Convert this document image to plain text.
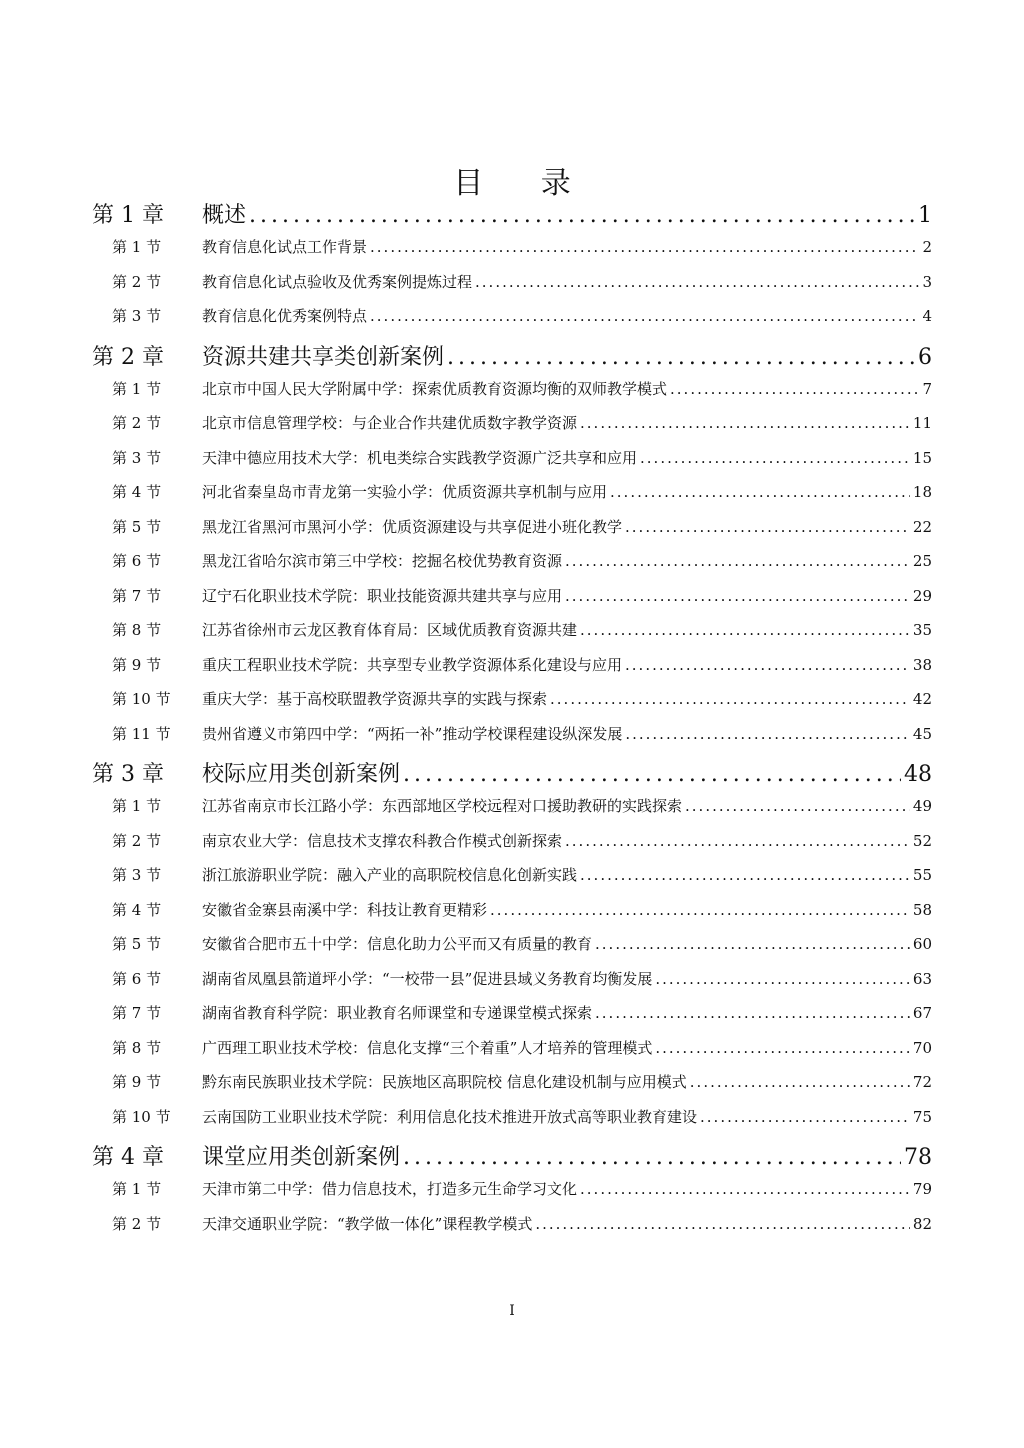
目 录
第 1 章	概述 .....	1
第 1 节	教育信息化试点工作背景 .....	2
第 2 节	教育信息化试点验收及优秀案例提炼过程 .....	3
第 3 节	教育信息化优秀案例特点 .....	4
第 2 章	资源共建共享类创新案例 .....	6
第 1 节	北京市中国人民大学附属中学：探索优质教育资源均衡的双师教学模式 .....	7
第 2 节	北京市信息管理学校：与企业合作共建优质数字教学资源 .....	11
第 3 节	天津中德应用技术大学：机电类综合实践教学资源广泛共享和应用 .....	15
第 4 节	河北省秦皇岛市青龙第一实验小学：优质资源共享机制与应用 .....	18
第 5 节	黑龙江省黑河市黑河小学：优质资源建设与共享促进小班化教学 .....	22
第 6 节	黑龙江省哈尔滨市第三中学校：挖掘名校优势教育资源 .....	25
第 7 节	辽宁石化职业技术学院：职业技能资源共建共享与应用 .....	29
第 8 节	江苏省徐州市云龙区教育体育局：区域优质教育资源共建 .....	35
第 9 节	重庆工程职业技术学院：共享型专业教学资源体系化建设与应用 .....	38
第 10 节	重庆大学：基于高校联盟教学资源共享的实践与探索 .....	42
第 11 节	贵州省遵义市第四中学：“两拓一补”推动学校课程建设纵深发展 .....	45
第 3 章	校际应用类创新案例 .....	48
第 1 节	江苏省南京市长江路小学：东西部地区学校远程对口援助教研的实践探索 .....	49
第 2 节	南京农业大学：信息技术支撑农科教合作模式创新探索 .....	52
第 3 节	浙江旅游职业学院：融入产业的高职院校信息化创新实践 .....	55
第 4 节	安徽省金寨县南溪中学：科技让教育更精彩 .....	58
第 5 节	安徽省合肥市五十中学：信息化助力公平而又有质量的教育 .....	60
第 6 节	湖南省凤凰县箭道坪小学：“一校带一县”促进县域义务教育均衡发展 .....	63
第 7 节	湖南省教育科学院：职业教育名师课堂和专递课堂模式探索 .....	67
第 8 节	广西理工职业技术学校：信息化支撑“三个着重”人才培养的管理模式 .....	70
第 9 节	黔东南民族职业技术学院：民族地区高职院校 信息化建设机制与应用模式 .....	72
第 10 节	云南国防工业职业技术学院：利用信息化技术推进开放式高等职业教育建设 .....	75
第 4 章	课堂应用类创新案例 .....	78
第 1 节	天津市第二中学：借力信息技术，打造多元生命学习文化 .....	79
第 2 节	天津交通职业学院：“教学做一体化”课程教学模式 .....	82
I
